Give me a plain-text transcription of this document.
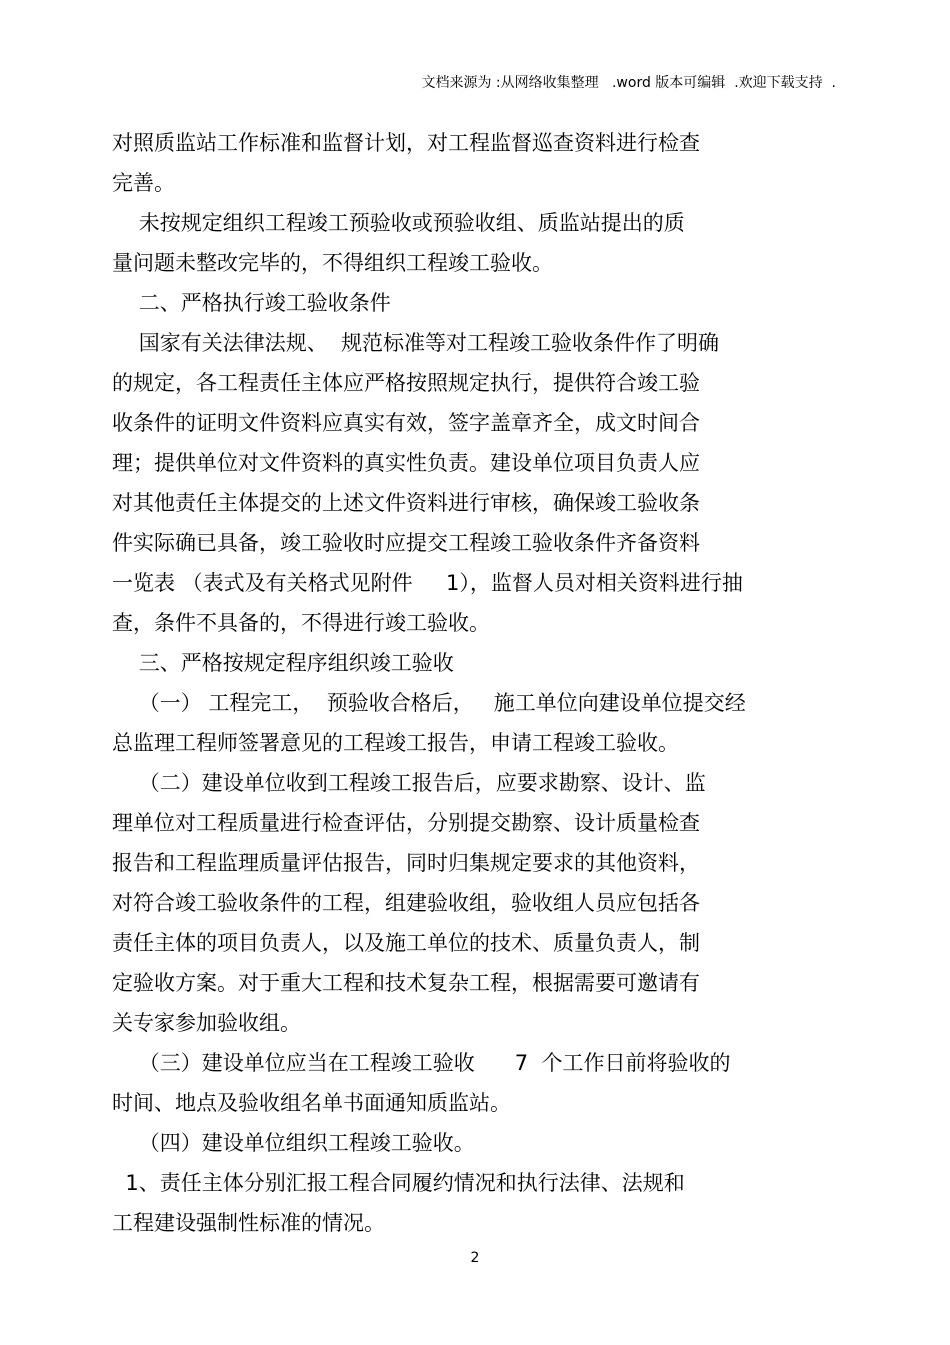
文档来源为 :从网络收集整理   .word 版本可编辑  .欢迎下载支持  .
对照质监站工作标准和监督计划，对工程监督巡查资料进行检查
完善。
未按规定组织工程竣工预验收或预验收组、质监站提出的质
量问题未整改完毕的，不得组织工程竣工验收。
二、严格执行竣工验收条件
国家有关法律法规、  规范标准等对工程竣工验收条件作了明确
的规定，各工程责任主体应严格按照规定执行，提供符合竣工验
收条件的证明文件资料应真实有效，签字盖章齐全，成文时间合
理；提供单位对文件资料的真实性负责。建设单位项目负责人应
对其他责任主体提交的上述文件资料进行审核，确保竣工验收条
件实际确已具备，竣工验收时应提交工程竣工验收条件齐备资料
一览表 （表式及有关格式见附件     1），监督人员对相关资料进行抽
查，条件不具备的，不得进行竣工验收。
三、严格按规定程序组织竣工验收
（一） 工程完工，  预验收合格后，   施工单位向建设单位提交经
总监理工程师签署意见的工程竣工报告，申请工程竣工验收。
（二）建设单位收到工程竣工报告后，应要求勘察、设计、监
理单位对工程质量进行检查评估，分别提交勘察、设计质量检查
报告和工程监理质量评估报告，同时归集规定要求的其他资料，
对符合竣工验收条件的工程，组建验收组，验收组人员应包括各
责任主体的项目负责人，以及施工单位的技术、质量负责人，制
定验收方案。对于重大工程和技术复杂工程，根据需要可邀请有
关专家参加验收组。
（三）建设单位应当在工程竣工验收      7  个工作日前将验收的
时间、地点及验收组名单书面通知质监站。
（四）建设单位组织工程竣工验收。
1、责任主体分别汇报工程合同履约情况和执行法律、法规和
工程建设强制性标准的情况。
2
